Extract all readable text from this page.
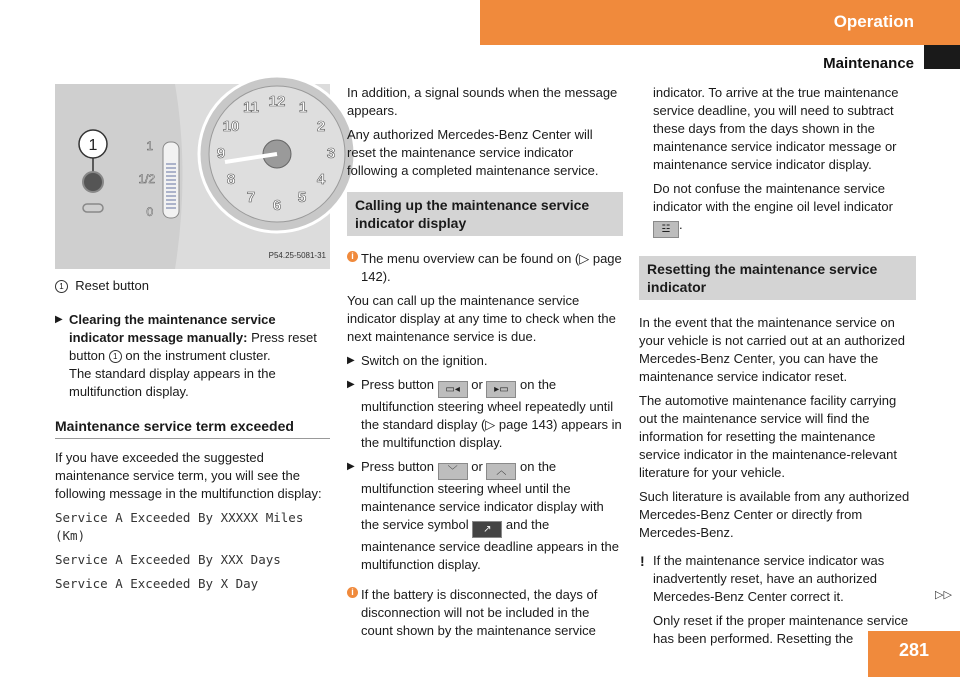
Operation
Maintenance
12 1
2
3
4
5
6
7
8
9
10
11
1
1/2
0
1
P54.25-5081-31

1 Reset button

▶ Clearing the maintenance service indicator message manually: Press reset button 1 on the instrument cluster.
The standard display appears in the multifunction display.
Maintenance service term exceeded

If you have exceeded the suggested maintenance service term, you will see the following message in the multifunction display:

Service A Exceeded By XXXXX Miles (Km)

Service A Exceeded By XXX Days

Service A Exceeded By X Day

In addition, a signal sounds when the message appears.

Any authorized Mercedes-Benz Center will reset the maintenance service indicator following a completed maintenance service.

Calling up the maintenance service indicator display
i The menu overview can be found on (▷ page 142).

You can call up the maintenance service indicator display at any time to check when the next maintenance service is due.

▶ Switch on the ignition.
▶ Press button ▭◂ or ▸▭ on the multifunction steering wheel repeatedly until the standard display (▷ page 143) appears in the multifunction display.
▶ Press button ﹀ or ︿ on the multifunction steering wheel until the maintenance service indicator display with the service symbol ↗ and the maintenance service deadline appears in the multifunction display.
i If the battery is disconnected, the days of disconnection will not be included in the count shown by the maintenance service

indicator. To arrive at the true maintenance service deadline, you will need to subtract these days from the days shown in the maintenance service indicator message or maintenance service indicator display.

Do not confuse the maintenance service indicator with the engine oil level indicator ☳ .

Resetting the maintenance service indicator

In the event that the maintenance service on your vehicle is not carried out at an authorized Mercedes-Benz Center, you can have the maintenance service indicator reset.

The automotive maintenance facility carrying out the maintenance service will find the information for resetting the maintenance service indicator in the maintenance-relevant literature for your vehicle.

Such literature is available from any authorized Mercedes-Benz Center or directly from Mercedes-Benz.

! If the maintenance service indicator was inadvertently reset, have an authorized Mercedes-Benz Center correct it.

Only reset if the proper maintenance service has been performed. Resetting the

▷▷
281
